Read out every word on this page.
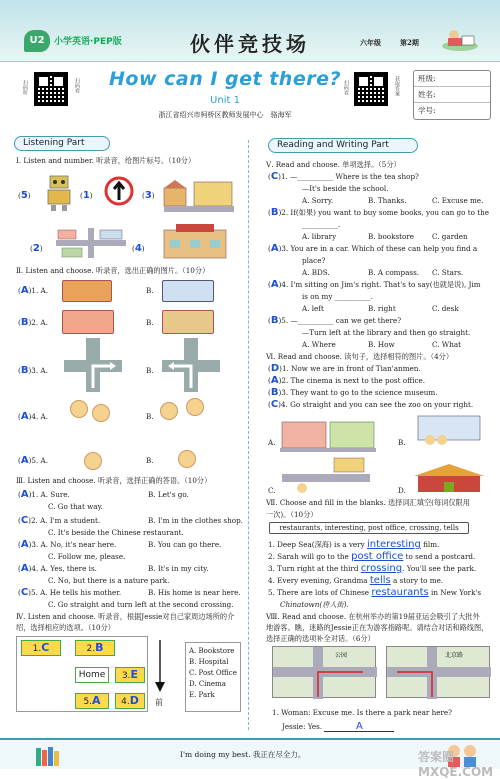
U2	小学英语·PEP版	伙伴竞技场	六年级	第2期
扫码听	扫码看	获取答案
扫码看
How can I get there?
Unit 1
浙江省绍兴市柯桥区教师发展中心　骆海军
班级:
姓名:
学号:
Listening Part
Ⅰ. Listen and number. 听录音，给图片标号。（10分）
(5)	(1)	(3)
(2)	(4)
Ⅱ. Listen and choose. 听录音，选出正确的图片。（10分）
(A)1. A.	B.
(B)2. A.	B.
(B)3. A.	B.
(A)4. A.	B.
(A)5. A.	B.
Ⅲ. Listen and choose. 听录音，选择正确的答语。（10分）
(A)1. A. Sure.	B. Let's go.
C. Go that way.
(C)2. A. I'm a student.	B. I'm in the clothes shop.
C. It's beside the Chinese restaurant.
(A)3. A. No, it's near here.	B. You can go there.
C. Follow me, please.
(A)4. A. Yes, there is.	B. It's in my city.
C. No, but there is a nature park.
(C)5. A. He tells his mother.	B. His home is near here.
C. Go straight and turn left at the second crossing.
Ⅳ. Listen and choose. 听录音，根据Jessie对自己家周边场所的介
绍，选择相应的选项。（10分）
1.C	2.B
Home	3.E
5.A	4.D	前
A. Bookstore
B. Hospital
C. Post Office
D. Cinema
E. Park
Reading and Writing Part
Ⅴ. Read and choose. 单项选择。（5分）
(C)1. —__________ Where is the tea shop?
—It's beside the school.
A. Sorry.	B. Thanks.	C. Excuse me.
(B)2. If(如果) you want to buy some books, you can go to the
__________.
A. library	B. bookstore C. garden
(A)3. You are in a car. Which of these can help you find a
place?
A. BDS.	B. A compass. C. Stars.
(A)4. I'm sitting on Jim's right. That's to say(也就是说), Jim
is on my __________.
A. left	B. right	C. desk
(B)5. —__________ can we get there?
—Turn left at the library and then go straight.
A. Where	B. How	C. What
Ⅵ. Read and choose. 读句子，选择相符的图片。（4分）
(D)1. Now we are in front of Tian'anmen.
(A)2. The cinema is next to the post office.
(B)3. They want to go to the science museum.
(C)4. Go straight and you can see the zoo on your right.
A.	B.
C.	D.
Ⅶ. Choose and fill in the blanks. 选择词汇填空(每词仅限用
一次)。（10分）
restaurants, interesting, post office, crossing, tells
1. Deep Sea(深海) is a very interesting film.
2. Sarah will go to the post office to send a postcard.
3. Turn right at the third crossing. You'll see the park.
4. Every evening, Grandma tells a story to me.
5. There are lots of Chinese restaurants in New York's
Chinatown(唐人街).
Ⅷ. Read and choose. 在杭州举办的第19届亚运会吸引了大批外
地游客。瞧，迷路的Jessie正在为游客指路呢。请结合对话和路线图，
选择正确的选项补全对话。（6分）
公园	北京路
1. Woman: Excuse me. Is there a park near here?
Jessie: Yes.	A
I'm doing my best. 我正在尽全力。	答案圈 MXQE.COM
